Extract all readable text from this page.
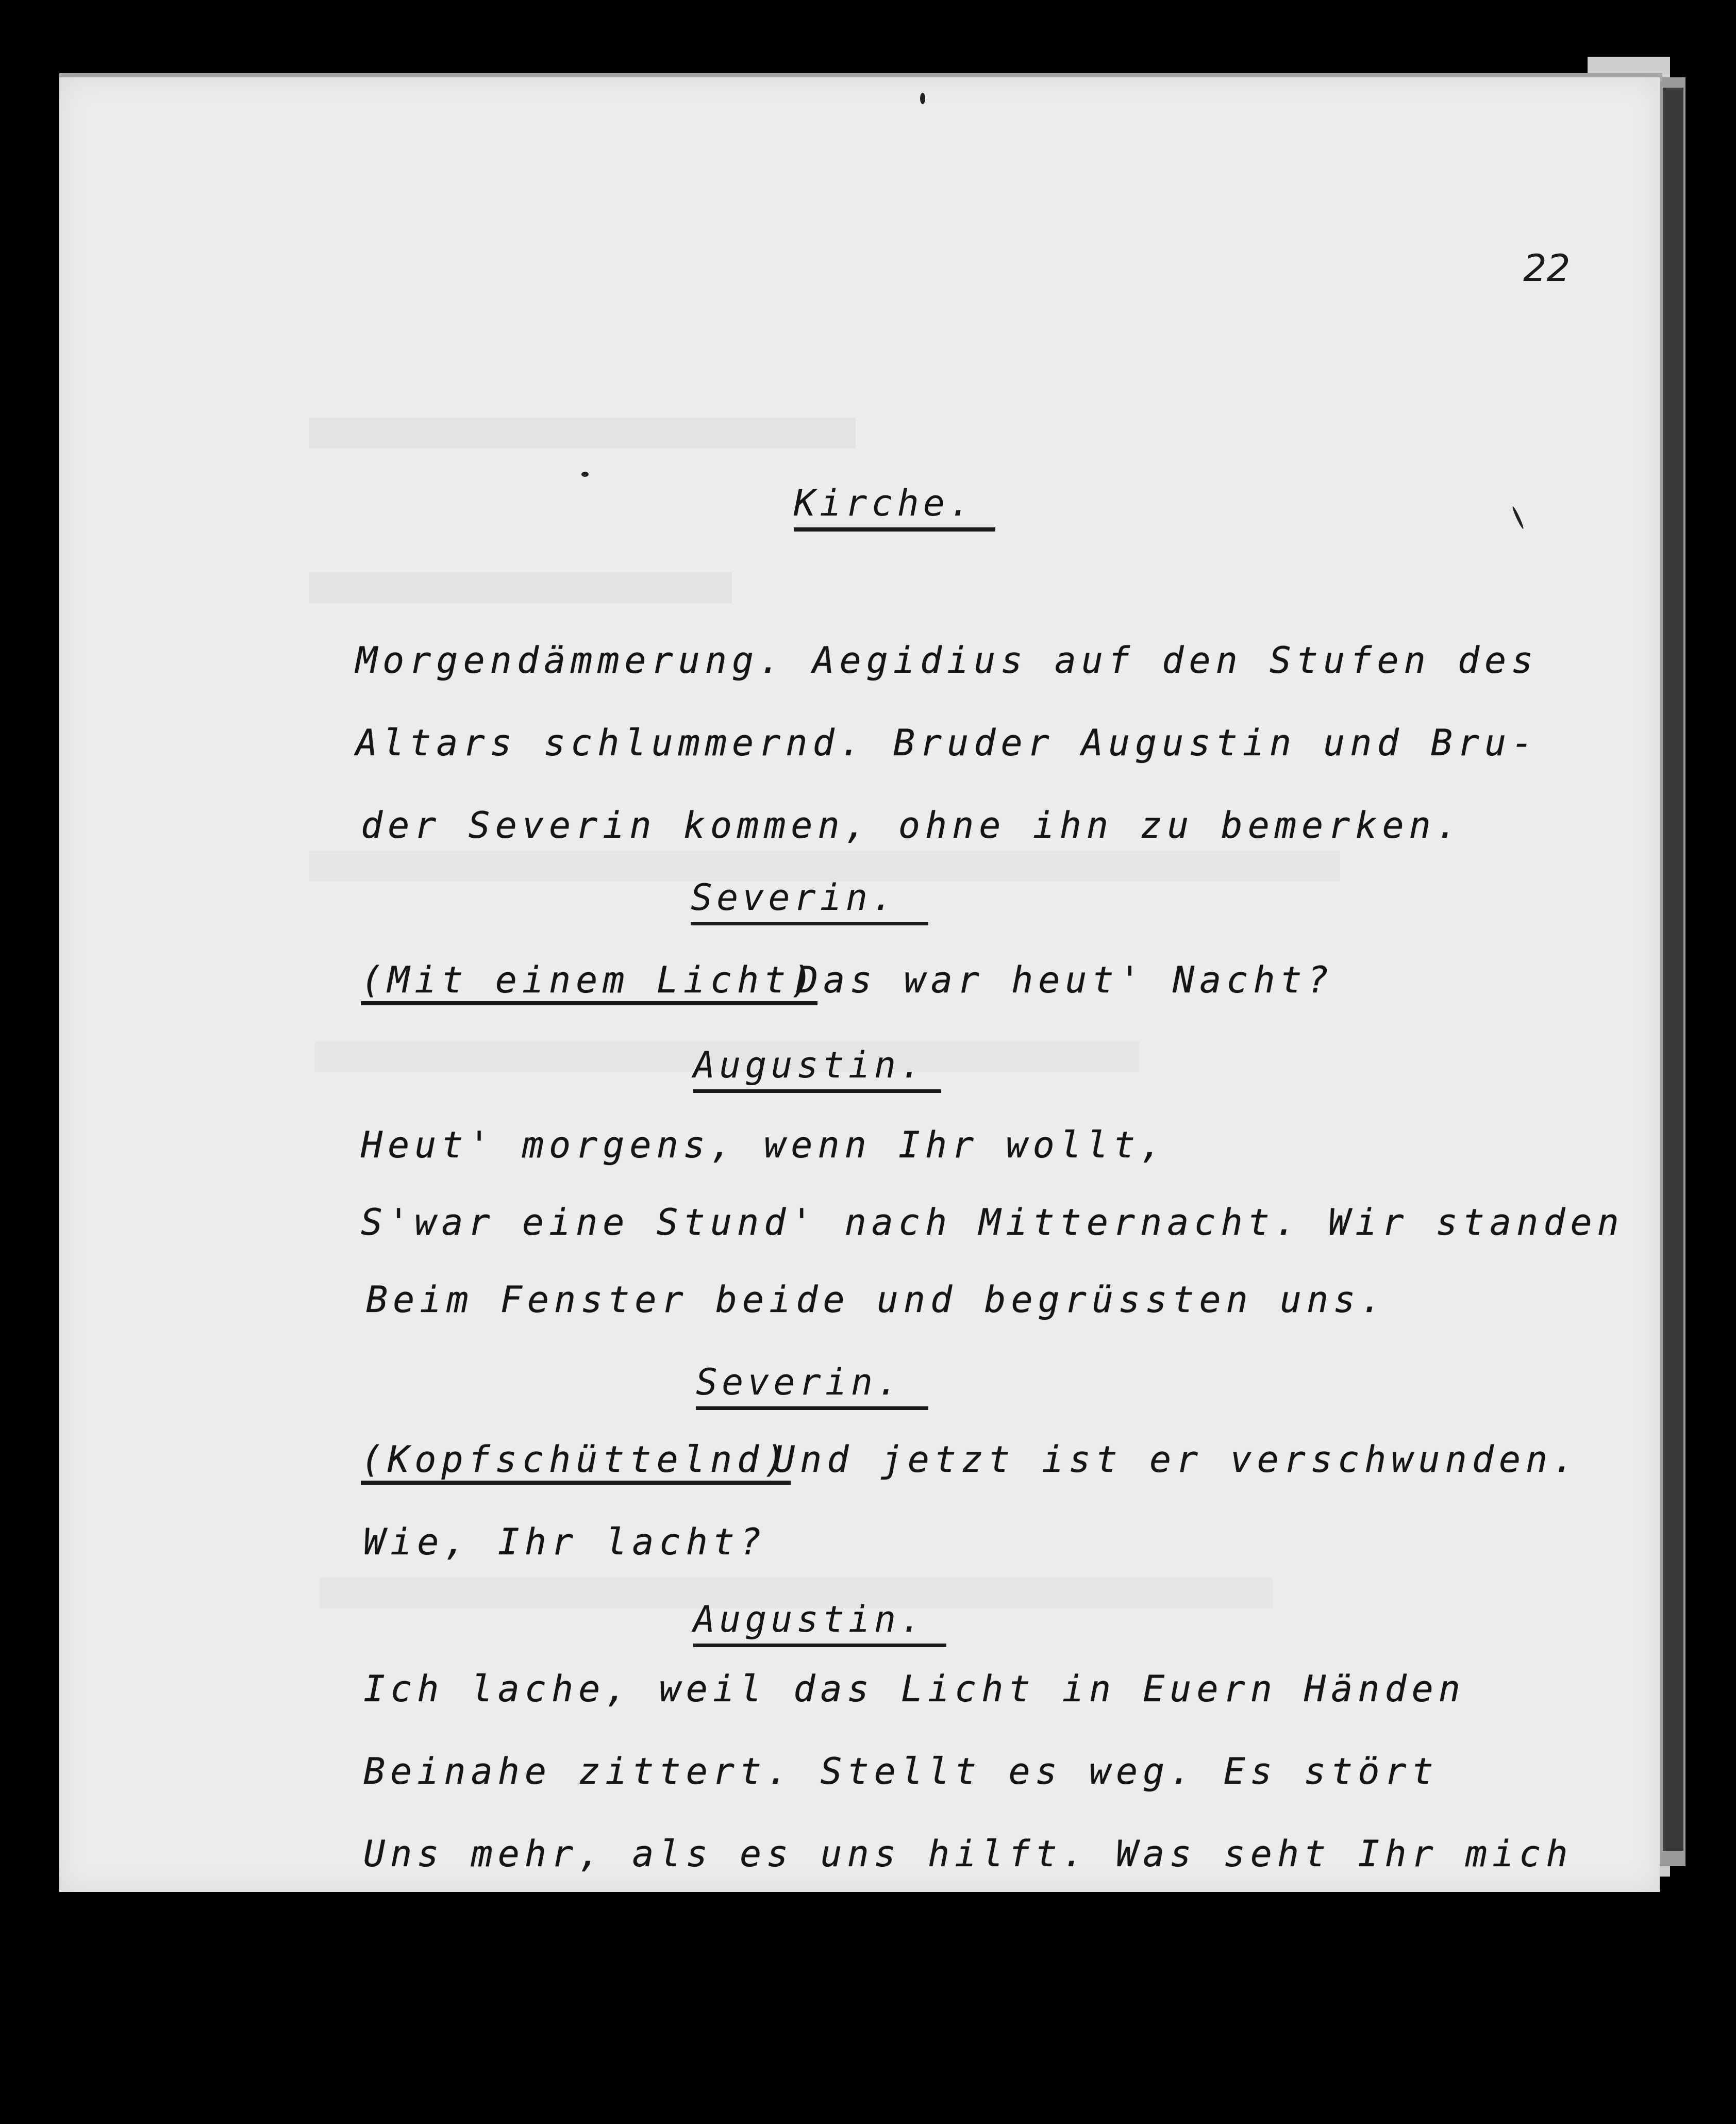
22
Kirche.
Morgendämmerung. Aegidius auf den Stufen des
Altars schlummernd. Bruder Augustin und Bru-
der Severin kommen, ohne ihn zu bemerken.
Severin.
(Mit einem Licht)
Das war heut' Nacht?
Augustin.
Heut' morgens, wenn Ihr wollt,
S'war eine Stund' nach Mitternacht. Wir standen
Beim Fenster beide und begrüssten uns.
Severin.
(Kopfschüttelnd)
Und jetzt ist er verschwunden.
Wie, Ihr lacht?
Augustin.
Ich lache, weil das Licht in Euern Händen
Beinahe zittert. Stellt es weg. Es stört
Uns mehr, als es uns hilft. Was seht Ihr mich
